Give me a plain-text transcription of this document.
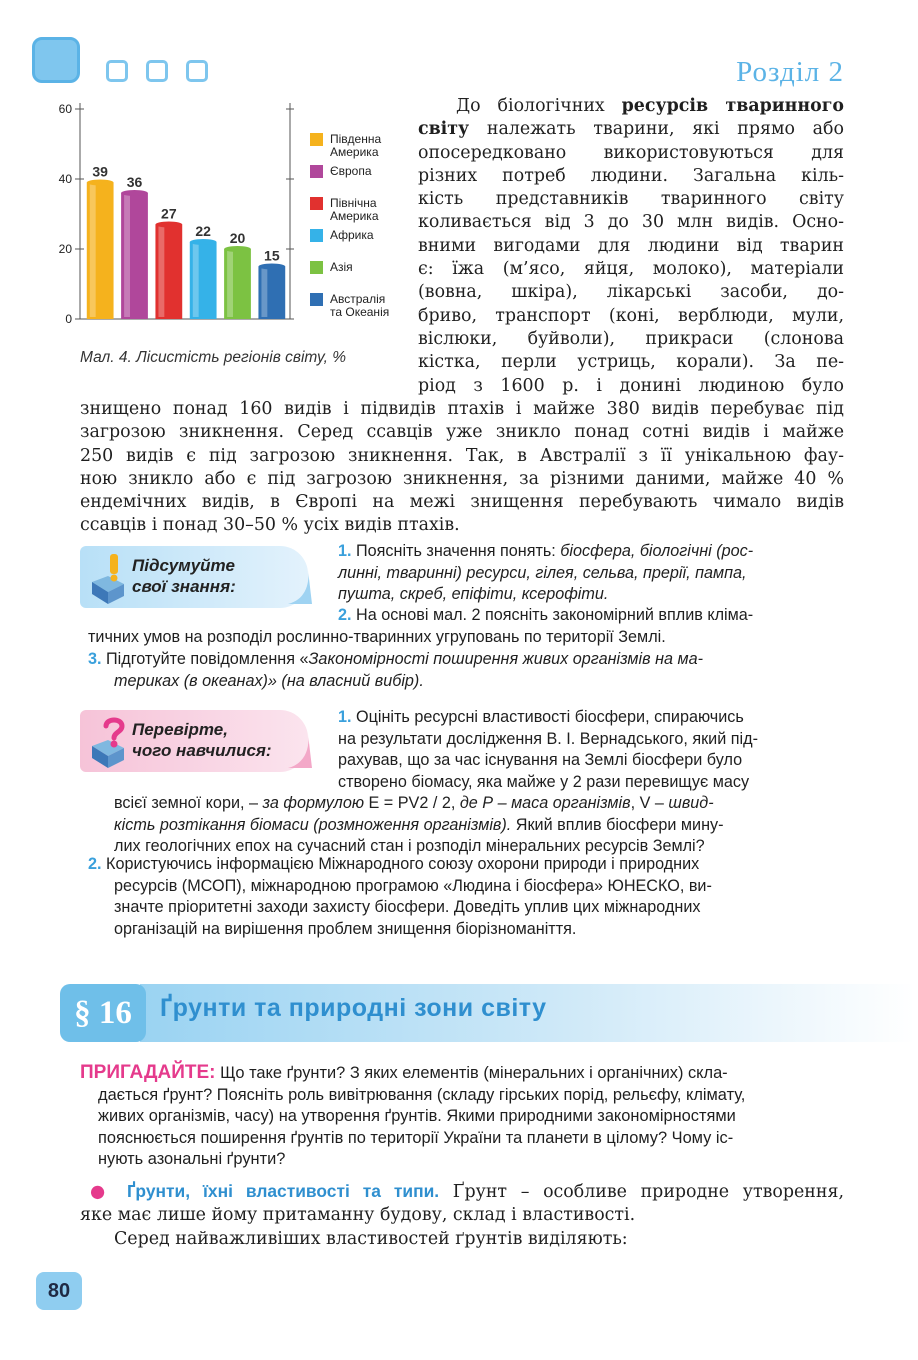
Розділ 2
0
20
40
60
39
36
27
22 20
15
Південна
Америка
Європа
Північна
Америка
Африка
Азія
Австралія
та Океанія
Мал. 4. Лісистість регіонів світу, %
До біологічних ресурсів тваринного
світу належать тварини, які прямо або
опосередковано використовуються для
різних потреб людини. Загальна кіль-
кість представників тваринного світу
коливається від 3 до 30 млн видів. Осно-
вними вигодами для людини від тварин
є: їжа (м’ясо, яйця, молоко), матеріали
(вовна, шкіра), лікарські засоби, до-
бриво, транспорт (коні, верблюди, мули,
віслюки, буйволи), прикраси (слонова
кістка, перли устриць, корали). За пе-
ріод з 1600 р. і донині людиною було
знищено понад 160 видів і підвидів птахів і майже 380 видів перебуває під
загрозою зникнення. Серед ссавців уже зникло понад сотні видів і майже
250 видів є під загрозою зникнення. Так, в Австралії з її унікальною фау-
ною зникло або є під загрозою зникнення, за різними даними, майже 40 %
ендемічних видів, в Європі на межі знищення перебувають чимало видів
ссавців і понад 30–50 % усіх видів птахів.
Підсумуйте
свої знання:
1. Поясніть значення понять: біосфера, біологічні (рос-
линні, тваринні) ресурси, гілея, сельва, прерії, пампа,
пушта, скреб, епіфіти, ксерофіти.
2. На основі мал. 2 поясніть закономірний вплив кліма-
тичних умов на розподіл рослинно-тваринних угруповань по території Землі.
3. Підготуйте повідомлення «Закономірності поширення живих організмів на ма-
териках (в океанах)» (на власний вибір).
Перевірте,
чого навчилися:
1. Оцініть ресурсні властивості біосфери, спираючись
на результати дослідження В. І. Вернадського, який під-
рахував, що за час існування на Землі біосфери було
створено біомасу, яка майже у 2 рази перевищує масу
всієї земної кори, – за формулою Е = PV2 / 2, де Р – маса організмів, V – швид-
кість розтікання біомаси (розмноження організмів). Який вплив біосфери мину-
лих геологічних епох на сучасний стан і розподіл мінеральних ресурсів Землі?
2. Користуючись інформацією Міжнародного союзу охорони природи і природних
ресурсів (МСОП), міжнародною програмою «Людина і біосфера» ЮНЕСКО, ви-
значте пріоритетні заходи захисту біосфери. Доведіть уплив цих міжнародних
організацій на вирішення проблем знищення біорізноманіття.
§ 16	Ґрунти та природні зони світу
ПРИГАДАЙТЕ: Що таке ґрунти? З яких елементів (мінеральних і органічних) скла-
дається ґрунт? Поясніть роль вивітрювання (складу гірських порід, рельєфу, клімату,
живих організмів, часу) на утворення ґрунтів. Якими природними закономірностями
пояснюється поширення ґрунтів по території України та планети в цілому? Чому іс-
нують азональні ґрунти?
● Ґрунти, їхні властивості та типи. Ґрунт – особливе природне утворення,
яке має лише йому притаманну будову, склад і властивості.
Серед найважливіших властивостей ґрунтів виділяють:
80
